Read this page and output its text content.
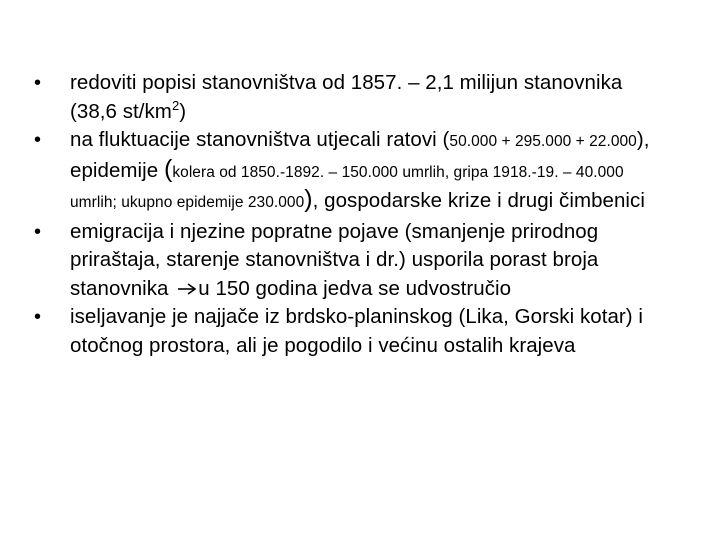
• redoviti popisi stanovništva od 1857. – 2,1 milijun stanovnika (38,6 $st/km^2$)
• na fluktuacije stanovništva utjecali ratovi (50.000 + 295.000 + 22.000), epidemije (kolera od 1850.-1892. – 150.000 umrlih, gripa 1918.-19. – 40.000 umrlih; ukupno epidemije 230.000), gospodarske krize i drugi čimbenici
• emigracija i njezine popratne pojave (smanjenje prirodnog priraštaja, starenje stanovništva i dr.) usporila porast broja stanovnika u 150 godina jedva se udvostručio
• iseljavanje je najjače iz brdsko-planinskog (Lika, Gorski kotar) i otočnog prostora, ali je pogodilo i većinu ostalih krajeva
